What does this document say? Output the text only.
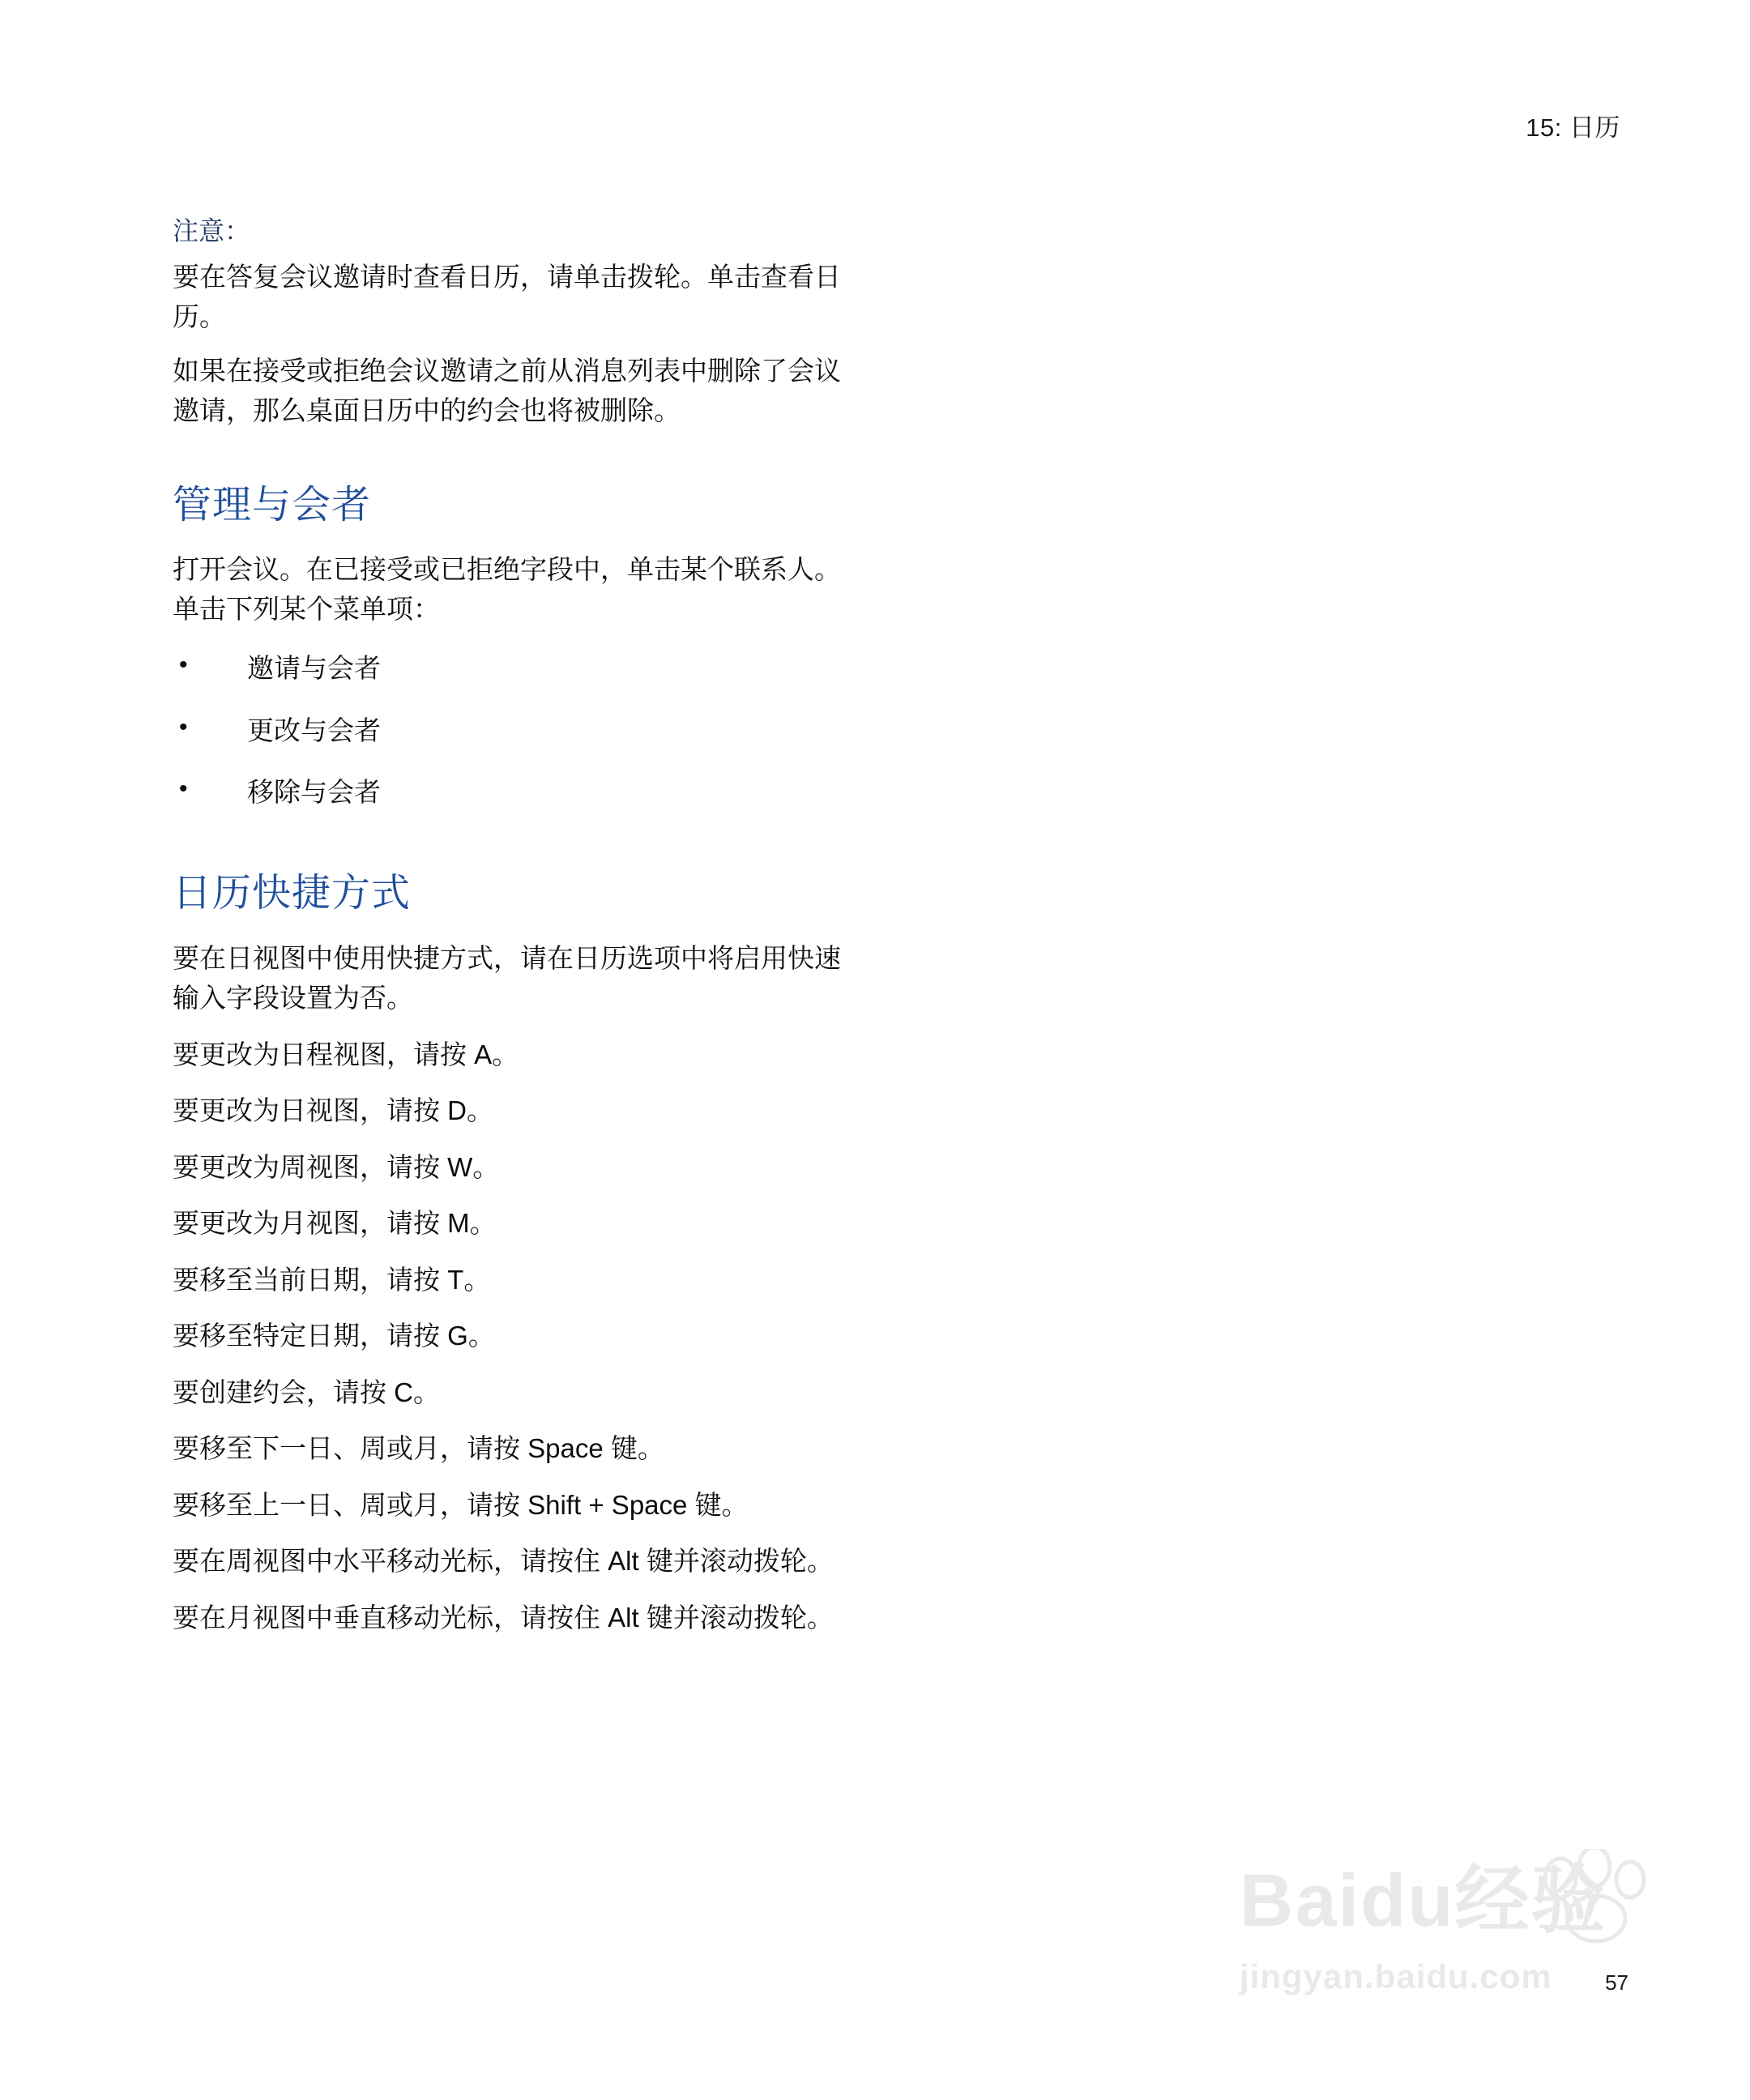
15: 日历

注意：

要在答复会议邀请时查看日历，请单击拨轮。单击查看日历。

如果在接受或拒绝会议邀请之前从消息列表中删除了会议邀请，那么桌面日历中的约会也将被删除。

管理与会者

打开会议。在已接受或已拒绝字段中，单击某个联系人。单击下列某个菜单项：

• 邀请与会者
• 更改与会者
• 移除与会者
日历快捷方式

要在日视图中使用快捷方式，请在日历选项中将启用快速输入字段设置为否。

要更改为日程视图，请按 A。

要更改为日视图，请按 D。

要更改为周视图，请按 W。

要更改为月视图，请按 M。

要移至当前日期，请按 T。

要移至特定日期，请按 G。

要创建约会，请按 C。

要移至下一日、周或月，请按 Space 键。

要移至上一日、周或月，请按 Shift + Space 键。

要在周视图中水平移动光标，请按住 Alt 键并滚动拨轮。

要在月视图中垂直移动光标，请按住 Alt 键并滚动拨轮。

Baidu经验
jingyan.baidu.com	57
